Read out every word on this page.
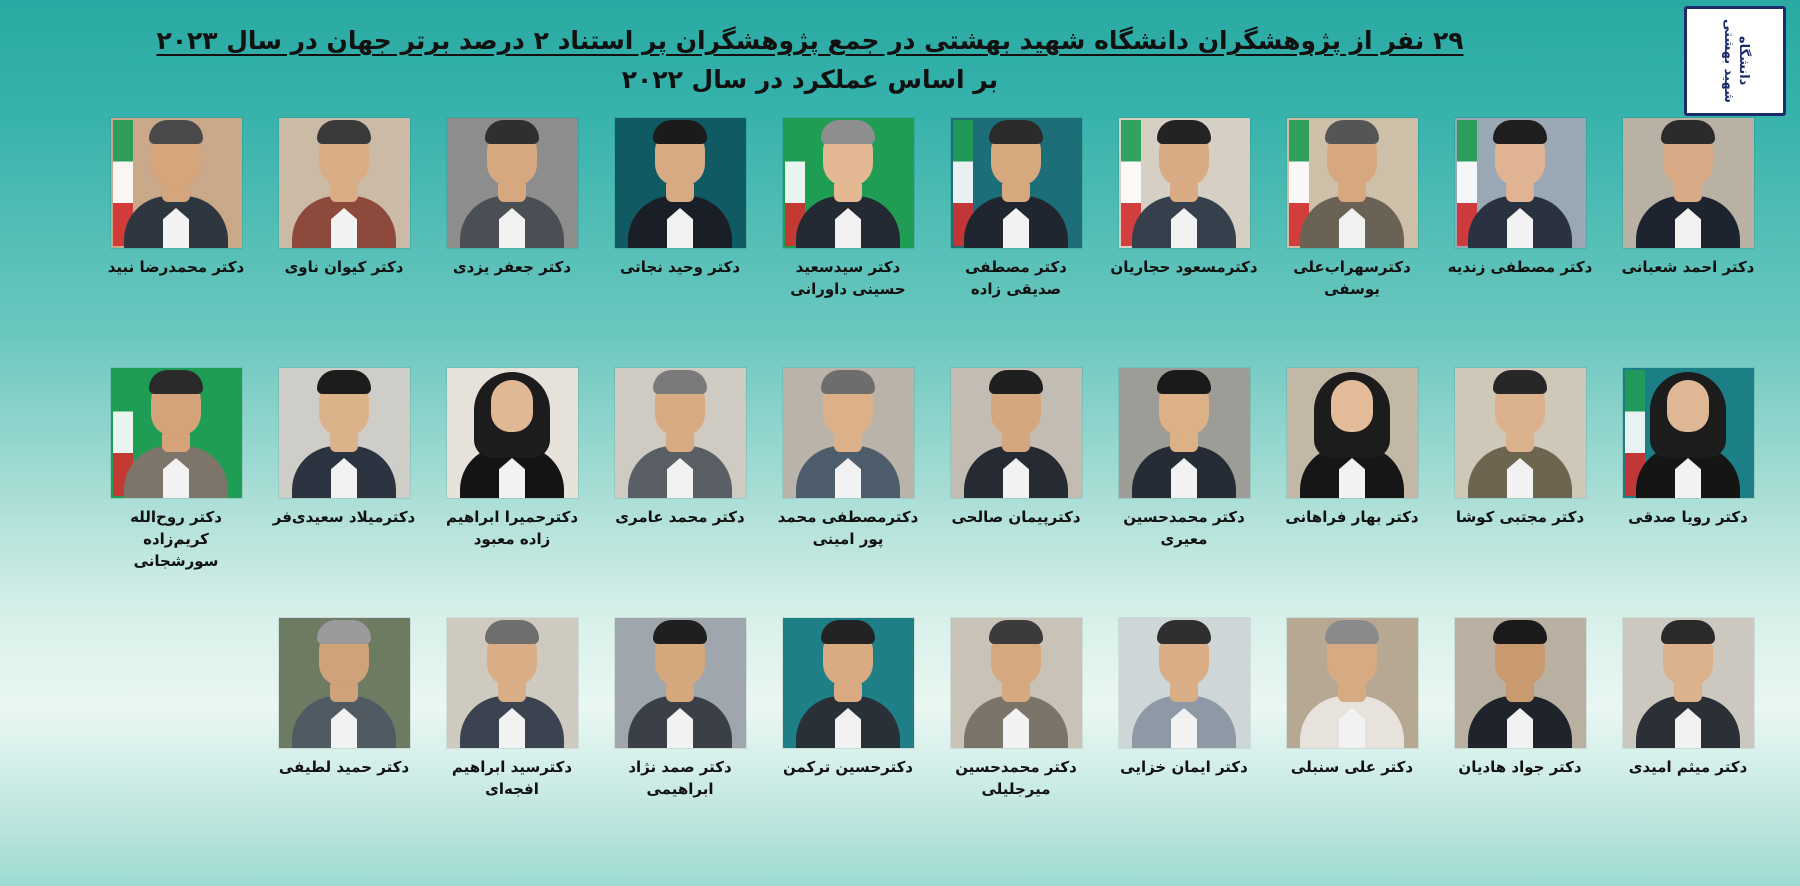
۲۹ نفر از پژوهشگران دانشگاه شهید بهشتی در جمع پژوهشگران پر استناد ۲ درصد برتر جهان در سال ۲۰۲۳
بر اساس عملکرد در سال ۲۰۲۲	دانشگاه شهید بهشتی
دکتر احمد شعبانی
دکتر مصطفی زندیه
دکترسهراب‌علی یوسفی
دکترمسعود حجاریان
دکتر مصطفی صدیقی زاده
دکتر سیدسعید حسینی داورانی
دکتر وحید نجاتی
دکتر جعفر یزدی
دکتر کیوان ناوی
دکتر محمدرضا نبید
دکتر رویا صدقی
دکتر مجتبی کوشا
دکتر بهار فراهانی
دکتر محمدحسین معیری
دکترپیمان صالحی
دکترمصطفی محمد پور امینی
دکتر محمد عامری
دکترحمیرا ابراهیم زاده معبود
دکترمیلاد سعیدی‌فر
دکتر روح‌الله کریم‌زاده سورشجانی
دکتر میثم امیدی
دکتر جواد هادیان
دکتر علی سنبلی
دکتر ایمان خزایی
دکتر محمدحسین میرجلیلی
دکترحسین ترکمن
دکتر صمد نژاد ابراهیمی
دکترسید ابراهیم افجه‌ای
دکتر حمید لطیفی
